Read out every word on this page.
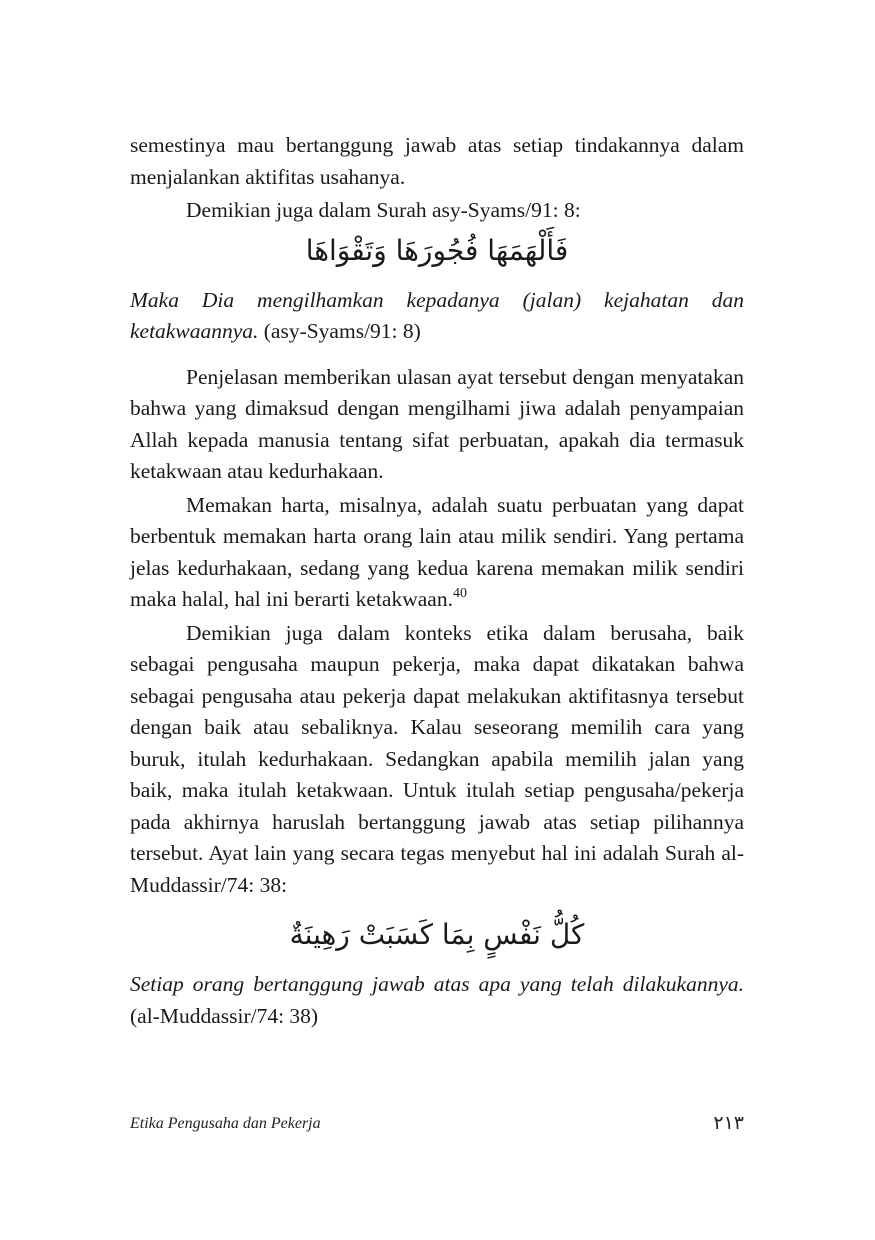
semestinya mau bertanggung jawab atas setiap tindakannya dalam menjalankan aktifitas usahanya.

Demikian juga dalam Surah asy-Syams/91: 8:

فَأَلْهَمَهَا فُجُورَهَا وَتَقْوَاهَا

Maka Dia mengilhamkan kepadanya (jalan) kejahatan dan ketakwaannya. (asy-Syams/91: 8)

Penjelasan memberikan ulasan ayat tersebut dengan menyatakan bahwa yang dimaksud dengan mengilhami jiwa adalah penyampaian Allah kepada manusia tentang sifat perbuatan, apakah dia termasuk ketakwaan atau kedurhakaan.

Memakan harta, misalnya, adalah suatu perbuatan yang dapat berbentuk memakan harta orang lain atau milik sendiri. Yang pertama jelas kedurhakaan, sedang yang kedua karena memakan milik sendiri maka halal, hal ini berarti ketakwaan.$^{40}$

Demikian juga dalam konteks etika dalam berusaha, baik sebagai pengusaha maupun pekerja, maka dapat dikatakan bahwa sebagai pengusaha atau pekerja dapat melakukan aktifitasnya tersebut dengan baik atau sebaliknya. Kalau seseorang memilih cara yang buruk, itulah kedurhakaan. Sedangkan apabila memilih jalan yang baik, maka itulah ketakwaan. Untuk itulah setiap pengusaha/pekerja pada akhirnya haruslah bertanggung jawab atas setiap pilihannya tersebut. Ayat lain yang secara tegas menyebut hal ini adalah Surah al-Muddassir/74: 38:

كُلُّ نَفْسٍ بِمَا كَسَبَتْ رَهِينَةٌ

Setiap orang bertanggung jawab atas apa yang telah dilakukannya. (al-Muddassir/74: 38)

Etika Pengusaha dan Pekerja	٢١٣
